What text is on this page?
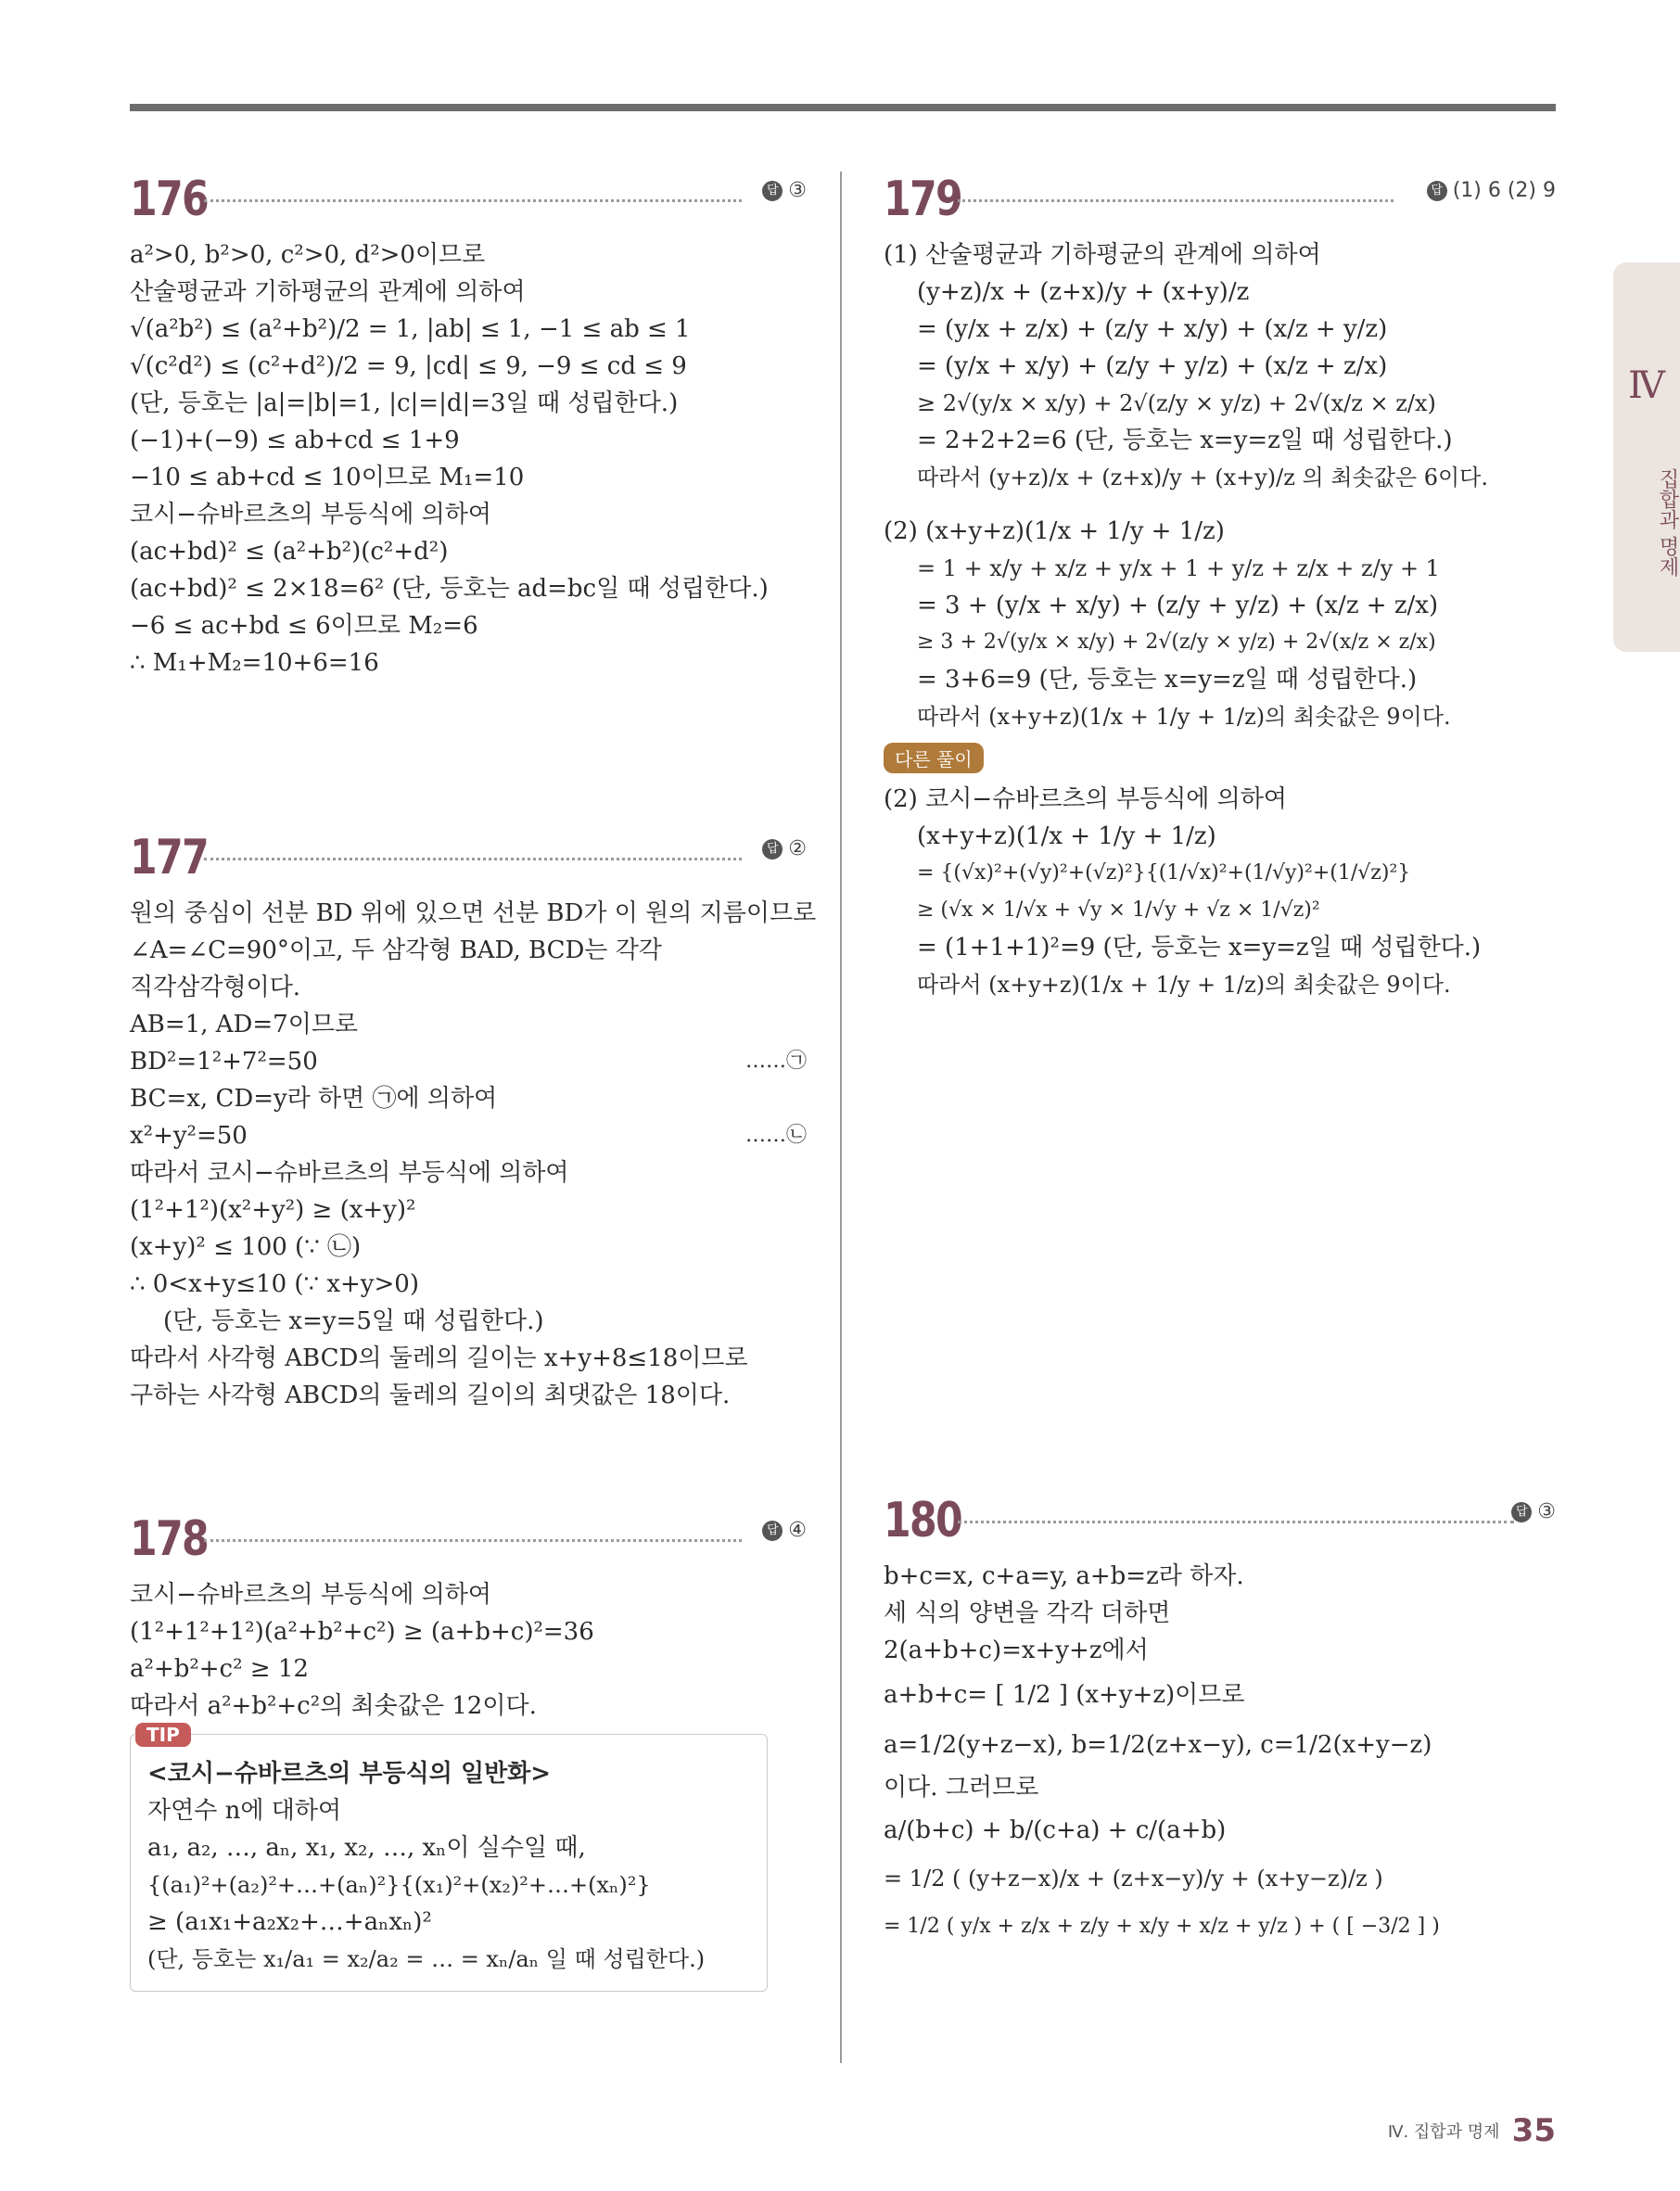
Ⅳ
집합과 명제
176	답 ③
a²>0, b²>0, c²>0, d²>0이므로
산술평균과 기하평균의 관계에 의하여
√(a²b²) ≤ (a²+b²)/2 = 1, |ab| ≤ 1, −1 ≤ ab ≤ 1
√(c²d²) ≤ (c²+d²)/2 = 9, |cd| ≤ 9, −9 ≤ cd ≤ 9
(단, 등호는 |a|=|b|=1, |c|=|d|=3일 때 성립한다.)
(−1)+(−9) ≤ ab+cd ≤ 1+9
−10 ≤ ab+cd ≤ 10이므로 M₁=10
코시−슈바르츠의 부등식에 의하여
(ac+bd)² ≤ (a²+b²)(c²+d²)
(ac+bd)² ≤ 2×18=6² (단, 등호는 ad=bc일 때 성립한다.)
−6 ≤ ac+bd ≤ 6이므로 M₂=6
∴ M₁+M₂=10+6=16
177	답 ②
원의 중심이 선분 BD 위에 있으면 선분 BD가 이 원의 지름이므로
∠A=∠C=90°이고, 두 삼각형 BAD, BCD는 각각
직각삼각형이다.
AB=1, AD=7이므로
BD²=1²+7²=50	……㉠
BC=x, CD=y라 하면 ㉠에 의하여
x²+y²=50	……㉡
따라서 코시−슈바르츠의 부등식에 의하여
(1²+1²)(x²+y²) ≥ (x+y)²
(x+y)² ≤ 100 (∵ ㉡)
∴ 0<x+y≤10 (∵ x+y>0)
(단, 등호는 x=y=5일 때 성립한다.)
따라서 사각형 ABCD의 둘레의 길이는 x+y+8≤18이므로
구하는 사각형 ABCD의 둘레의 길이의 최댓값은 18이다.
178	답 ④
코시−슈바르츠의 부등식에 의하여
(1²+1²+1²)(a²+b²+c²) ≥ (a+b+c)²=36
a²+b²+c² ≥ 12
따라서 a²+b²+c²의 최솟값은 12이다.
TIP
<코시−슈바르츠의 부등식의 일반화>
자연수 n에 대하여
a₁, a₂, …, aₙ, x₁, x₂, …, xₙ이 실수일 때,
{(a₁)²+(a₂)²+…+(aₙ)²}{(x₁)²+(x₂)²+…+(xₙ)²}
≥ (a₁x₁+a₂x₂+…+aₙxₙ)²
(단, 등호는 x₁/a₁ = x₂/a₂ = … = xₙ/aₙ 일 때 성립한다.)
179	답 (1) 6 (2) 9
(1) 산술평균과 기하평균의 관계에 의하여
(y+z)/x + (z+x)/y + (x+y)/z
= (y/x + z/x) + (z/y + x/y) + (x/z + y/z)
= (y/x + x/y) + (z/y + y/z) + (x/z + z/x)
≥ 2√(y/x × x/y) + 2√(z/y × y/z) + 2√(x/z × z/x)
= 2+2+2=6 (단, 등호는 x=y=z일 때 성립한다.)
따라서 (y+z)/x + (z+x)/y + (x+y)/z 의 최솟값은 6이다.
(2) (x+y+z)(1/x + 1/y + 1/z)
= 1 + x/y + x/z + y/x + 1 + y/z + z/x + z/y + 1
= 3 + (y/x + x/y) + (z/y + y/z) + (x/z + z/x)
≥ 3 + 2√(y/x × x/y) + 2√(z/y × y/z) + 2√(x/z × z/x)
= 3+6=9 (단, 등호는 x=y=z일 때 성립한다.)
따라서 (x+y+z)(1/x + 1/y + 1/z)의 최솟값은 9이다.
다른 풀이
(2) 코시−슈바르츠의 부등식에 의하여
(x+y+z)(1/x + 1/y + 1/z)
= {(√x)²+(√y)²+(√z)²}{(1/√x)²+(1/√y)²+(1/√z)²}
≥ (√x × 1/√x + √y × 1/√y + √z × 1/√z)²
= (1+1+1)²=9 (단, 등호는 x=y=z일 때 성립한다.)
따라서 (x+y+z)(1/x + 1/y + 1/z)의 최솟값은 9이다.
180	답 ③
b+c=x, c+a=y, a+b=z라 하자.
세 식의 양변을 각각 더하면
2(a+b+c)=x+y+z에서
a+b+c= [ 1/2 ] (x+y+z)이므로
a=1/2(y+z−x), b=1/2(z+x−y), c=1/2(x+y−z)
이다. 그러므로
a/(b+c) + b/(c+a) + c/(a+b)
= 1/2 ( (y+z−x)/x + (z+x−y)/y + (x+y−z)/z )
= 1/2 ( y/x + z/x + z/y + x/y + x/z + y/z ) + ( [ −3/2 ] )
Ⅳ. 집합과 명제 35
